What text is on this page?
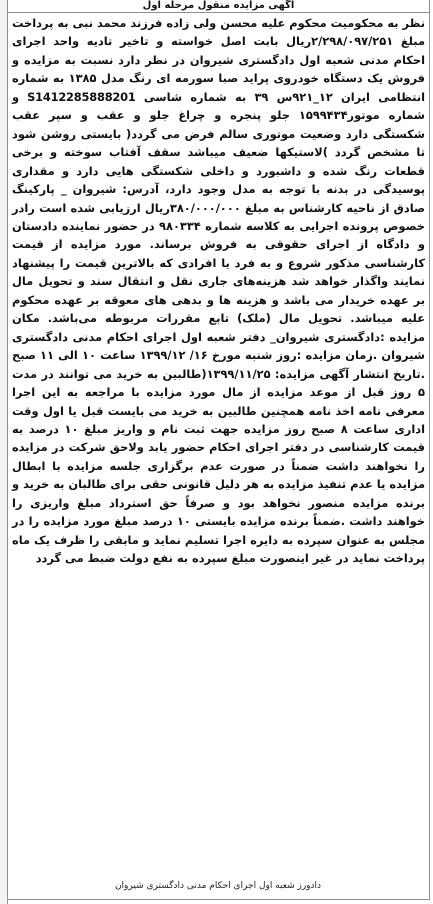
آگهی مزایده منقول مرحله اول

نظر به محکومیت محکوم علیه محسن ولی زاده فرزند محمد نبی به پرداخت مبلغ ۲/۲۹۸/۰۹۷/۲۵۱ریال بابت اصل خواسته و تاخیر تادیه واحد اجرای احکام مدنی شعبه اول دادگستری شیروان در نظر دارد نسبت به مزایده و فروش یک دستگاه خودروی پراید صبا سورمه ای رنگ مدل ۱۳۸۵ به شماره انتظامی ایران ۱۲_۹۲۱س ۳۹ به شماره شاسی S1412285888201 و شماره موتور۱۵۹۹۴۳۴ جلو پنجره و چراغ جلو و عقب و سپر عقب شکستگی دارد وضعیت موتوری سالم فرض می گردد( بایستی روشن شود تا مشخص گردد )لاستیکها ضعیف میباشد سقف آفتاب سوخته و برخی قطعات رنگ شده و داشبورد و داخلی شکستگی هایی دارد و مقداری پوسیدگی در بدنه با توجه به مدل وجود دارد، آدرس: شیروان _ پارکینگ صادق از ناحیه کارشناس به مبلغ ۳۸۰/۰۰۰/۰۰۰ریال ارزیابی شده است رادر خصوص پرونده اجرایی به کلاسه شماره ۹۸۰۳۳۴ در حضور نماینده دادستان و دادگاه از اجرای حقوقی به فروش برساند. مورد مزایده از قیمت کارشناسی مذکور شروع و به فرد یا افرادی که بالاترین قیمت را پیشنهاد نمایند واگذار خواهد شد هزینه‌های جاری نقل و انتقال سند و تحویل مال بر عهده خریدار می باشد و هزینه ها و بدهی های معوقه بر عهده محکوم علیه میباشد. تحویل مال (ملک) تابع مقررات مربوطه می‌باشد. مکان مزایده :دادگستری شیروان_ دفتر شعبه اول اجرای احکام مدنی دادگستری شیروان .زمان مزایده :روز شنبه مورخ ۱۶/ ۱۳۹۹/۱۲ ساعت ۱۰ الی ۱۱ صبح .تاریخ انتشار آگهی مزایده: ۱۳۹۹/۱۱/۲۵(طالبین به خرید می توانند در مدت ۵ روز قبل از موعد مزایده از مال مورد مزایده با مراجعه به این اجرا معرفی نامه اخذ نامه همچنین طالبین به خرید می بایست قبل یا اول وقت اداری ساعت ۸ صبح روز مزایده جهت ثبت نام و واریز مبلغ ۱۰ درصد به قیمت کارشناسی در دفتر اجرای احکام حضور یابد ولاحق شرکت در مزایده را نخواهند داشت ضمناً در صورت عدم برگزاری جلسه مزایده با ابطال مزایده یا عدم تنفیذ مزایده به هر دلیل قانونی حقی برای طالبان به خرید و برنده مزایده منصور نخواهد بود و صرفاً حق استرداد مبلغ واریزی را خواهند داشت .ضمناً برنده مزایده بایستی ۱۰ درصد مبلغ مورد مزایده را در مجلس به عنوان سپرده به دایره اجرا تسلیم نماید و مابقی را ظرف یک ماه پرداخت نماید در غیر اینصورت مبلغ سپرده به نفع دولت ضبط می گردد

دادورز شعبه اول اجرای احکام مدنی دادگستری شیروان
